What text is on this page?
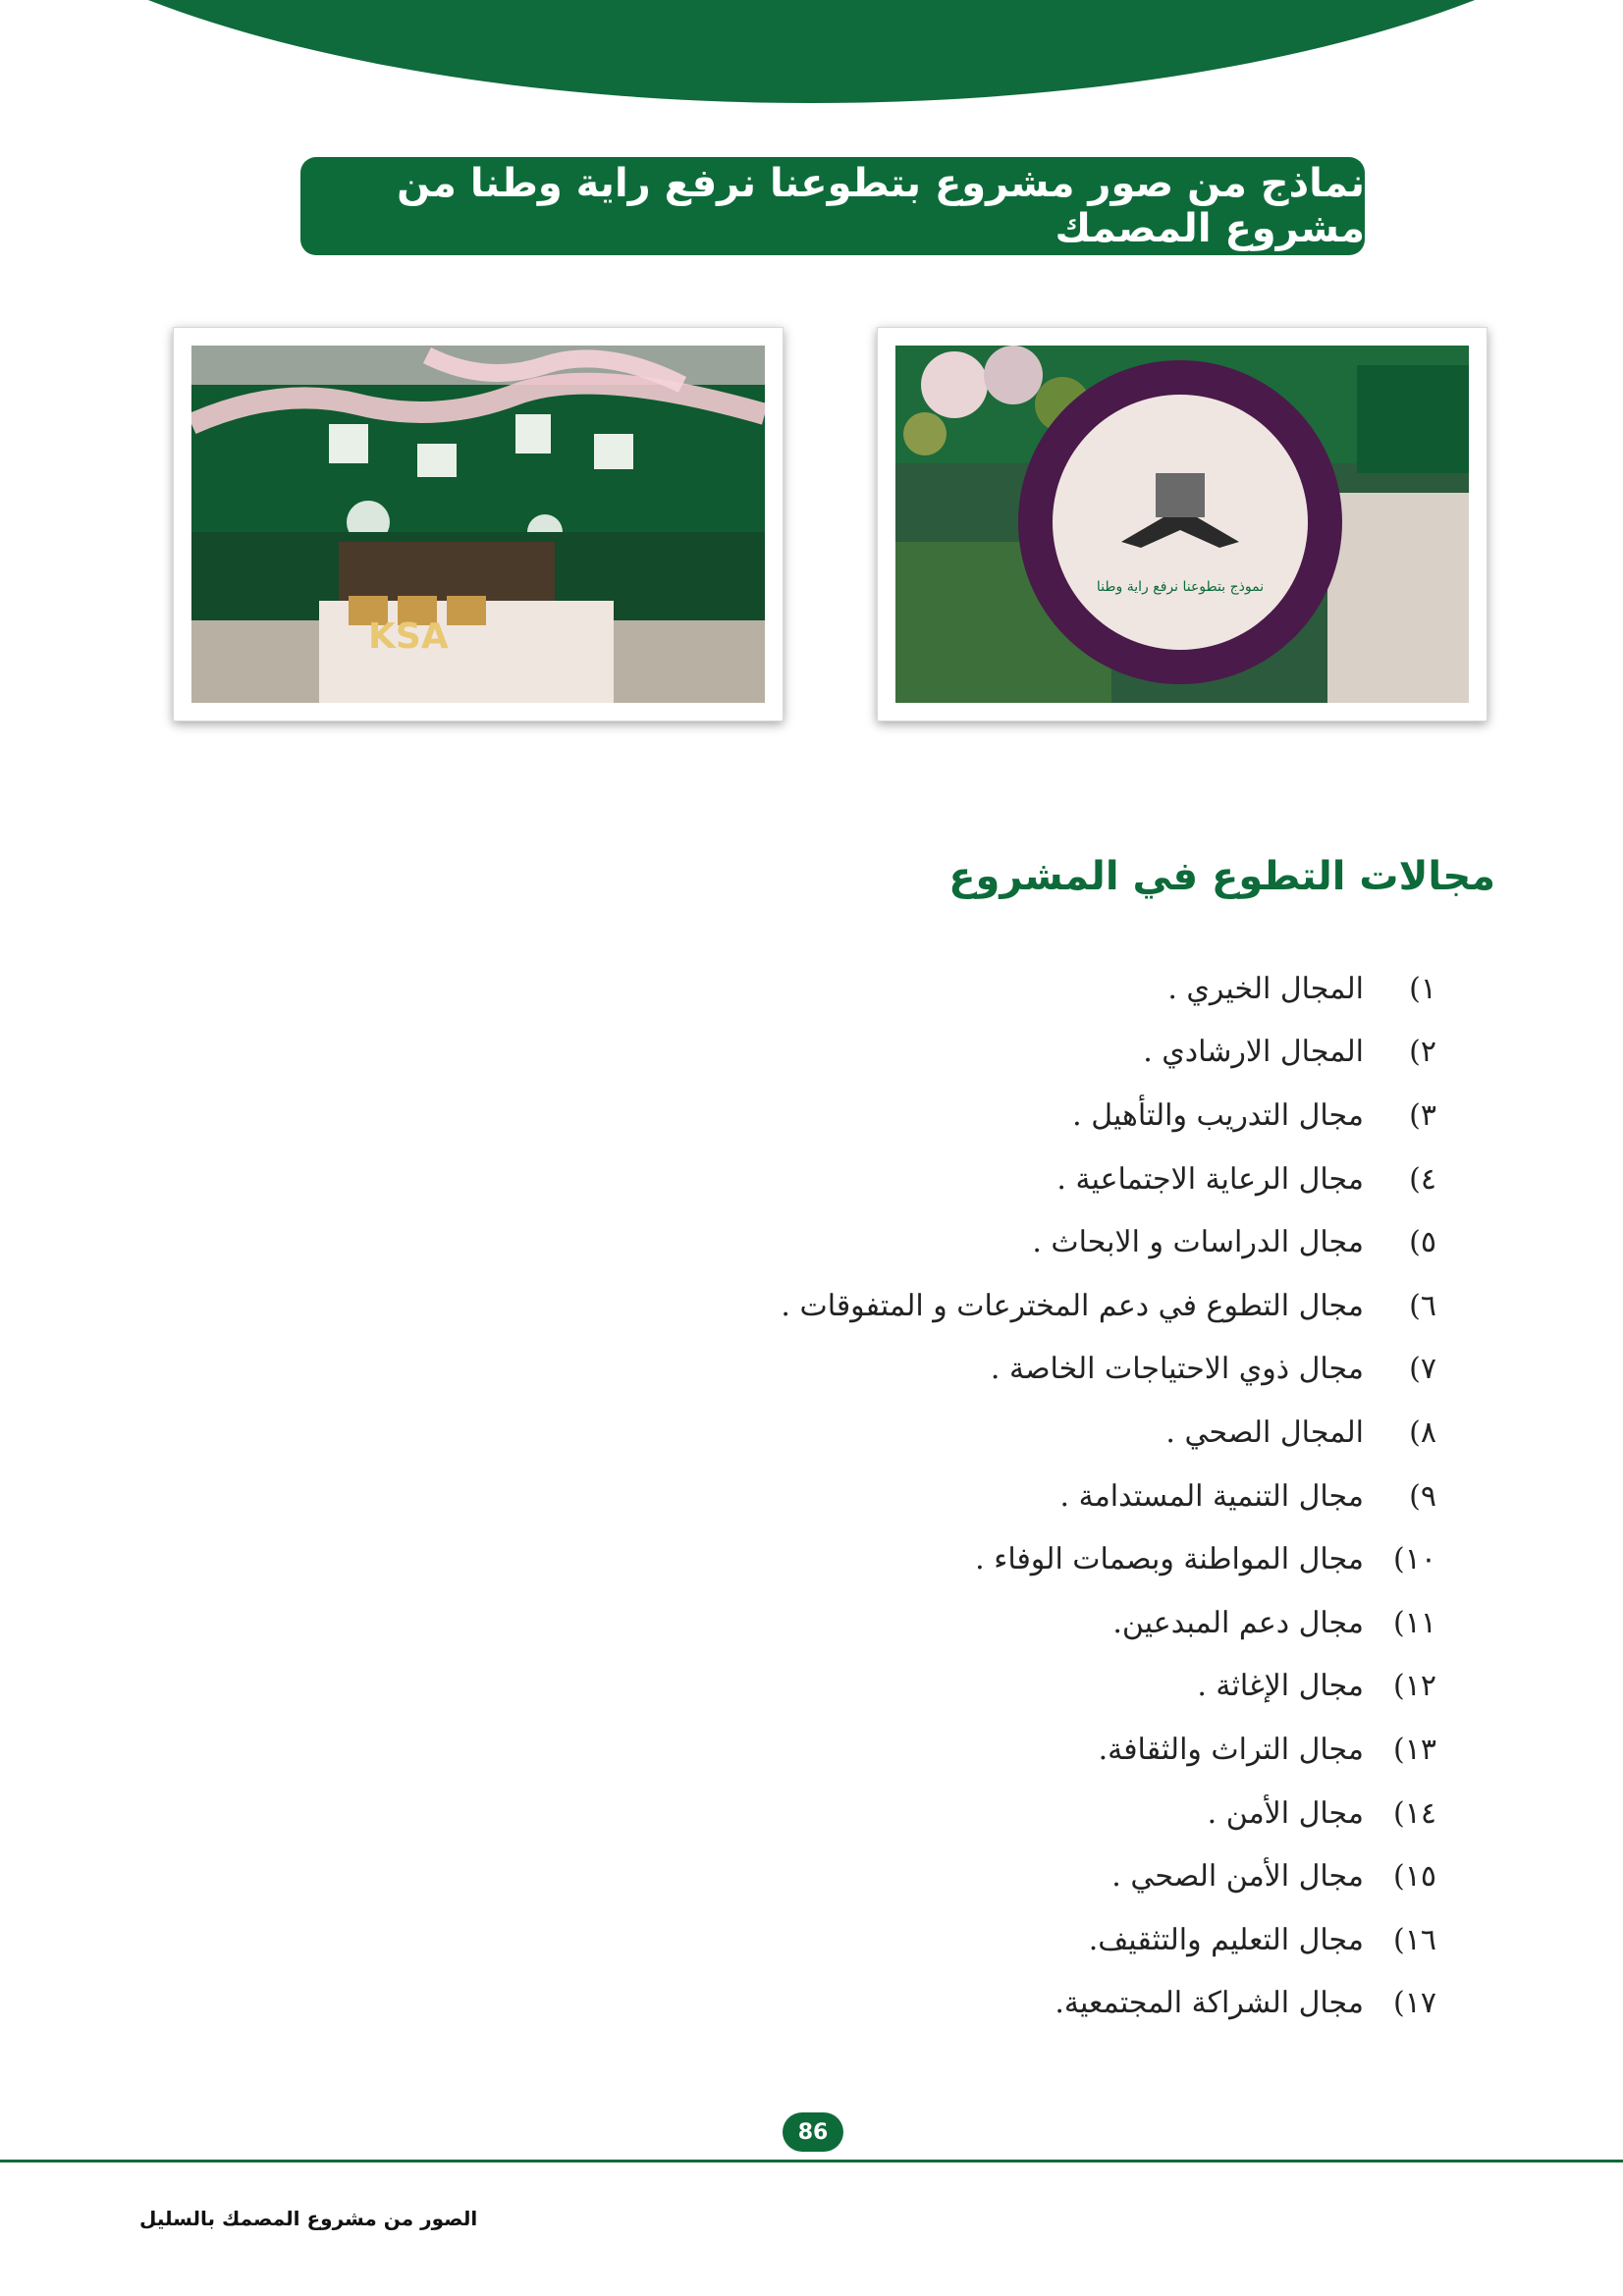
نماذج من صور مشروع بتطوعنا نرفع راية وطنا من مشروع المصمك
KSA
نموذج بتطوعنا نرفع راية وطنا
مجالات التطوع في المشروع
١)
المجال الخيري .
٢)
المجال الارشادي .
٣)
مجال التدريب والتأهيل .
٤)
مجال الرعاية الاجتماعية .
٥)
مجال الدراسات و الابحاث .
٦)
مجال التطوع في دعم المخترعات و المتفوقات .
٧)
مجال ذوي الاحتياجات الخاصة .
٨)
المجال الصحي .
٩)
مجال التنمية المستدامة .
١٠)
مجال المواطنة وبصمات الوفاء .
١١)
مجال دعم المبدعين.
١٢)
مجال الإغاثة .
١٣)
مجال التراث والثقافة.
١٤)
مجال الأمن .
١٥)
مجال الأمن الصحي .
١٦)
مجال التعليم والتثقيف.
١٧)
مجال الشراكة المجتمعية.
86
الصور من مشروع المصمك بالسليل
